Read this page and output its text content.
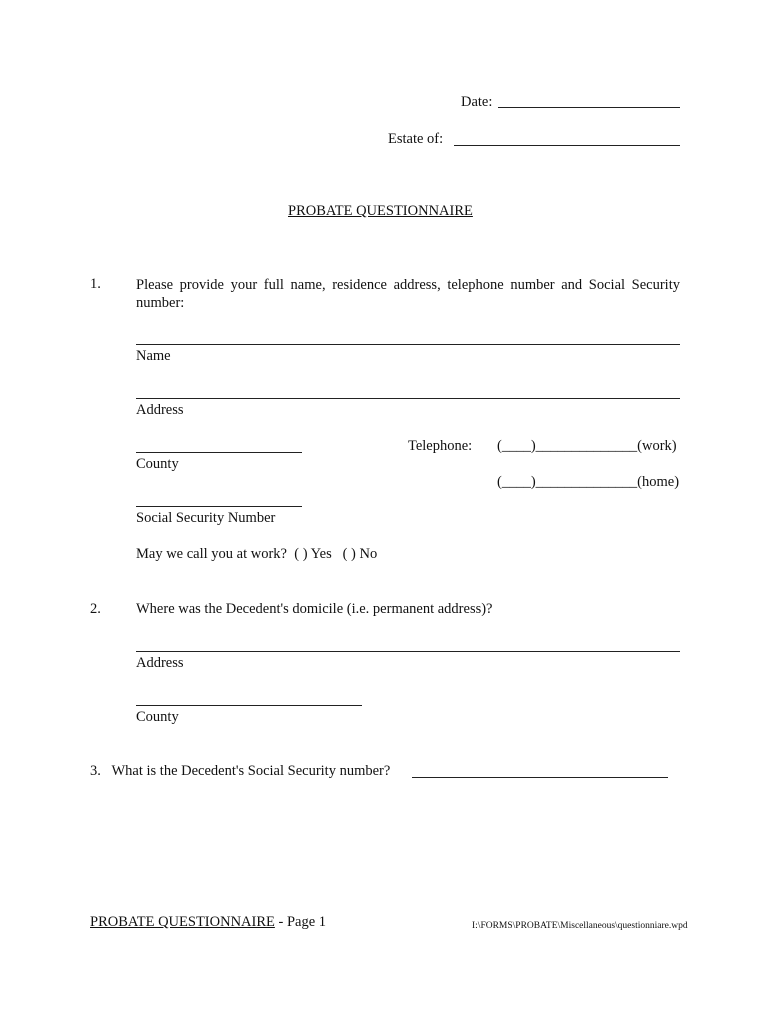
Date:
Estate of:
PROBATE QUESTIONNAIRE
1. Please provide your full name, residence address, telephone number and Social Security number:
Name
Address
County
Telephone: (____)______________(work)
(____)______________(home)
Social Security Number
May we call you at work?  ( ) Yes   ( ) No
2. Where was the Decedent's domicile (i.e. permanent address)?
Address
County
3.   What is the Decedent's Social Security number?
PROBATE QUESTIONNAIRE - Page 1	I:\FORMS\PROBATE\Miscellaneous\questionniare.wpd
